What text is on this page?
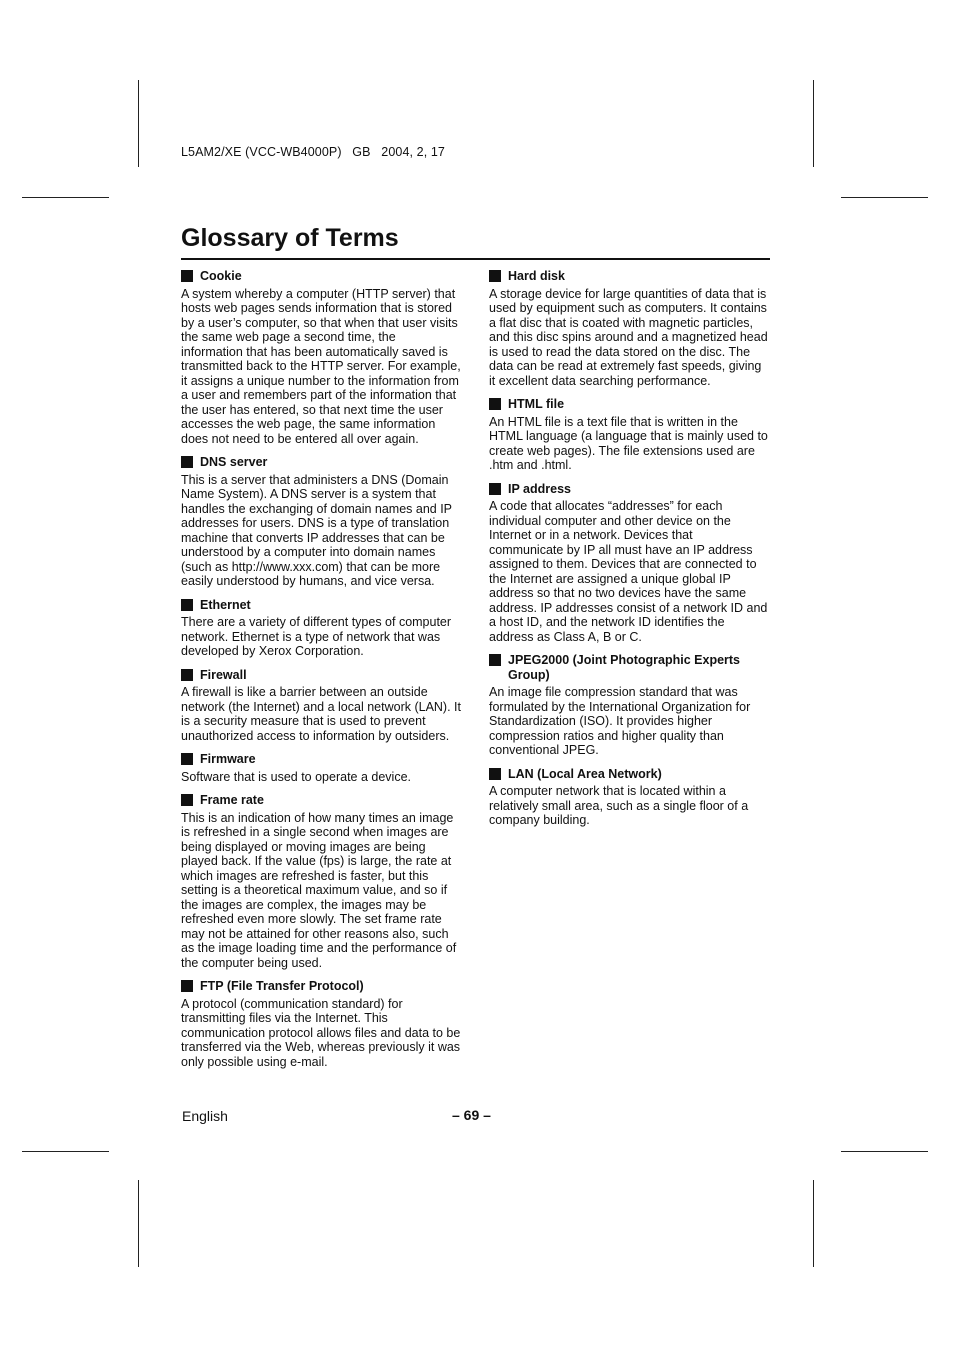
L5AM2/XE (VCC-WB4000P)   GB   2004, 2, 17
Glossary of Terms
Cookie

A system whereby a computer (HTTP server) that hosts web pages sends information that is stored by a user’s computer, so that when that user visits the same web page a second time, the information that has been automatically saved is transmitted back to the HTTP server. For example, it assigns a unique number to the information from a user and remembers part of the information that the user has entered, so that next time the user accesses the web page, the same information does not need to be entered all over again.

DNS server

This is a server that administers a DNS (Domain Name System). A DNS server is a system that handles the exchanging of domain names and IP addresses for users. DNS is a type of translation machine that converts IP addresses that can be understood by a computer into domain names (such as http://www.xxx.com) that can be more easily understood by humans, and vice versa.

Ethernet

There are a variety of different types of computer network. Ethernet is a type of network that was developed by Xerox Corporation.

Firewall

A firewall is like a barrier between an outside network (the Internet) and a local network (LAN). It is a security measure that is used to prevent unauthorized access to information by outsiders.

Firmware

Software that is used to operate a device.

Frame rate

This is an indication of how many times an image is refreshed in a single second when images are being displayed or moving images are being played back. If the value (fps) is large, the rate at which images are refreshed is faster, but this setting is a theoretical maximum value, and so if the images are complex, the images may be refreshed even more slowly. The set frame rate may not be attained for other reasons also, such as the image loading time and the performance of the computer being used.

FTP (File Transfer Protocol)

A protocol (communication standard) for transmitting files via the Internet. This communication protocol allows files and data to be transferred via the Web, whereas previously it was only possible using e-mail.

Hard disk

A storage device for large quantities of data that is used by equipment such as computers. It contains a flat disc that is coated with magnetic particles, and this disc spins around and a magnetized head is used to read the data stored on the disc. The data can be read at extremely fast speeds, giving it excellent data searching performance.

HTML file

An HTML file is a text file that is written in the HTML language (a language that is mainly used to create web pages). The file extensions used are .htm and .html.

IP address

A code that allocates “addresses” for each individual computer and other device on the Internet or in a network. Devices that communicate by IP all must have an IP address assigned to them. Devices that are connected to the Internet are assigned a unique global IP address so that no two devices have the same address. IP addresses consist of a network ID and a host ID, and the network ID identifies the address as Class A, B or C.

JPEG2000 (Joint Photographic Experts Group)

An image file compression standard that was formulated by the International Organization for Standardization (ISO). It provides higher compression ratios and higher quality than conventional JPEG.

LAN (Local Area Network)

A computer network that is located within a relatively small area, such as a single floor of a company building.

English	– 69 –
